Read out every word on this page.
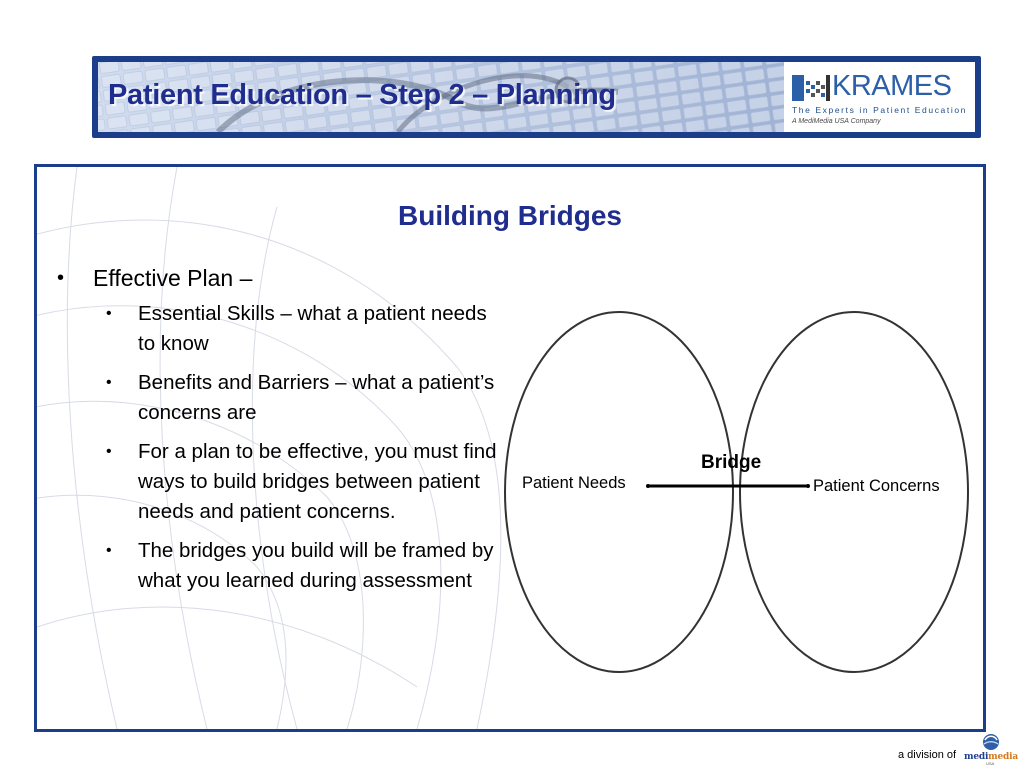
Patient Education – Step 2 – Planning	KRAMES
The Experts in Patient Education
A MediMedia USA Company
Building Bridges
• Effective Plan –
• Essential Skills – what a patient needs to know
• Benefits and Barriers – what a patient’s concerns are
• For a plan to be effective, you must find ways to build bridges between patient needs and patient concerns.
• The bridges you build will be framed by what you learned during assessment

Bridge

Patient Needs	Patient Concerns

a division of medimedia
USA
